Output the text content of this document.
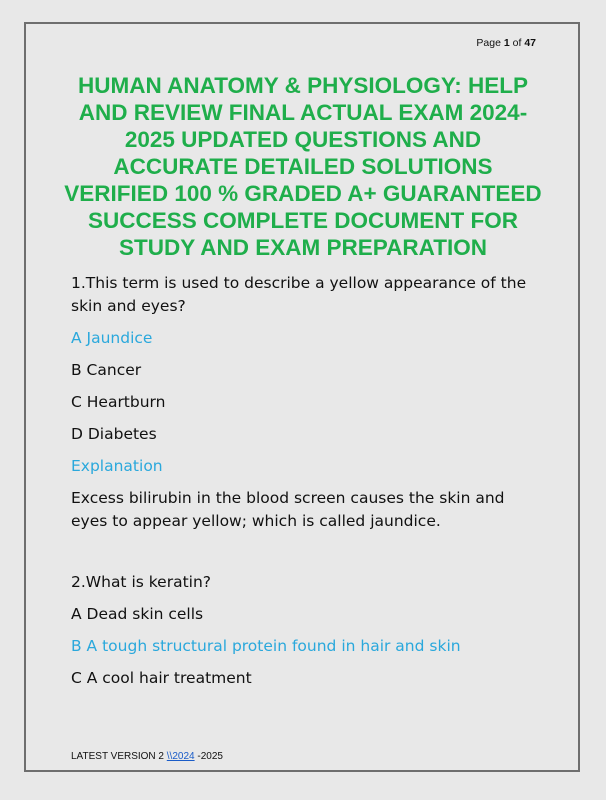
Page 1 of 47
HUMAN ANATOMY & PHYSIOLOGY: HELP AND REVIEW FINAL ACTUAL EXAM 2024-2025 UPDATED QUESTIONS AND ACCURATE DETAILED SOLUTIONS VERIFIED 100 % GRADED A+ GUARANTEED SUCCESS COMPLETE DOCUMENT FOR STUDY AND EXAM PREPARATION

1.This term is used to describe a yellow appearance of the skin and eyes?

A Jaundice
B Cancer
C Heartburn
D Diabetes
Explanation

Excess bilirubin in the blood screen causes the skin and eyes to appear yellow; which is called jaundice.

2.What is keratin?
A Dead skin cells
B A tough structural protein found in hair and skin
C A cool hair treatment
LATEST VERSION 2 \\2024 -2025
